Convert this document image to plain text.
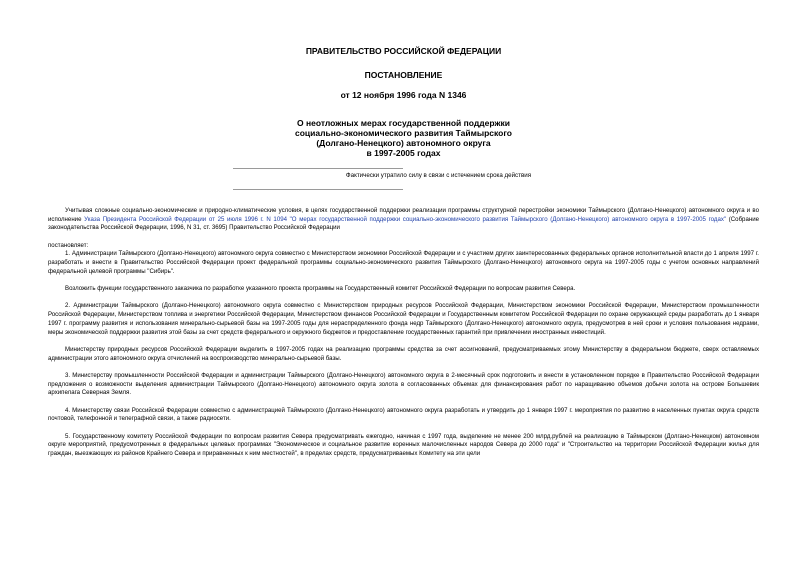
ПРАВИТЕЛЬСТВО РОССИЙСКОЙ ФЕДЕРАЦИИ
ПОСТАНОВЛЕНИЕ
от 12 ноября 1996 года N 1346
О неотложных мерах государственной поддержки
социально-экономического развития Таймырского
(Долгано-Ненецкого) автономного округа
в 1997-2005 годах
Фактически утратило силу в связи с истечением срока действия

Учитывая сложные социально-экономические и природно-климатические условия, в целях государственной поддержки реализации программы структурной перестройки экономики Таймырского (Долгано-Ненецкого) автономного округа и во исполнение Указа Президента Российской Федерации от 25 июля 1996 г. N 1094 "О мерах государственной поддержки социально-экономического развития Таймырского (Долгано-Ненецкого) автономного округа в 1997-2005 годах" (Собрание законодательства Российской Федерации, 1996, N 31, ст. 3695) Правительство Российской Федерации

постановляет:

1. Администрации Таймырского (Долгано-Ненецкого) автономного округа совместно с Министерством экономики Российской Федерации и с участием других заинтересованных федеральных органов исполнительной власти до 1 апреля 1997 г. разработать и внести в Правительство Российской Федерации проект федеральной программы социально-экономического развития Таймырского (Долгано-Ненецкого) автономного округа на 1997-2005 годы с учетом основных направлений федеральной целевой программы "Сибирь".

Возложить функции государственного заказчика по разработке указанного проекта программы на Государственный комитет Российской Федерации по вопросам развития Севера.

2. Администрации Таймырского (Долгано-Ненецкого) автономного округа совместно с Министерством природных ресурсов Российской Федерации, Министерством экономики Российской Федерации, Министерством промышленности Российской Федерации, Министерством топлива и энергетики Российской Федерации, Министерством финансов Российской Федерации и Государственным комитетом Российской Федерации по охране окружающей среды разработать до 1 января 1997 г. программу развития и использования минерально-сырьевой базы на 1997-2005 годы для нераспределенного фонда недр Таймырского (Долгано-Ненецкого) автономного округа, предусмотрев в ней сроки и условия пользования недрами, меры экономической поддержки развития этой базы за счет средств федерального и окружного бюджетов и предоставление государственных гарантий при привлечении иностранных инвестиций.

Министерству природных ресурсов Российской Федерации выделить в 1997-2005 годах на реализацию программы средства за счет ассигнований, предусматриваемых этому Министерству в федеральном бюджете, сверх оставляемых администрации этого автономного округа отчислений на воспроизводство минерально-сырьевой базы.

3. Министерству промышленности Российской Федерации и администрации Таймырского (Долгано-Ненецкого) автономного округа в 2-месячный срок подготовить и внести в установленном порядке в Правительство Российской Федерации предложения о возможности выделения администрации Таймырского (Долгано-Ненецкого) автономного округа золота в согласованных объемах для финансирования работ по наращиванию объемов добычи золота на острове Большевик архипелага Северная Земля.

4. Министерству связи Российской Федерации совместно с администрацией Таймырского (Долгано-Ненецкого) автономного округа разработать и утвердить до 1 января 1997 г. мероприятия по развитию в населенных пунктах округа средств почтовой, телефонной и телеграфной связи, а также радиосети.

5. Государственному комитету Российской Федерации по вопросам развития Севера предусматривать ежегодно, начиная с 1997 года, выделение не менее 200 млрд.рублей на реализацию в Таймырском (Долгано-Ненецком) автономном округе мероприятий, предусмотренных в федеральных целевых программах "Экономическое и социальное развитие коренных малочисленных народов Севера до 2000 года" и "Строительство на территории Российской Федерации жилья для граждан, выезжающих из районов Крайнего Севера и приравненных к ним местностей", в пределах средств, предусматриваемых Комитету на эти цели
